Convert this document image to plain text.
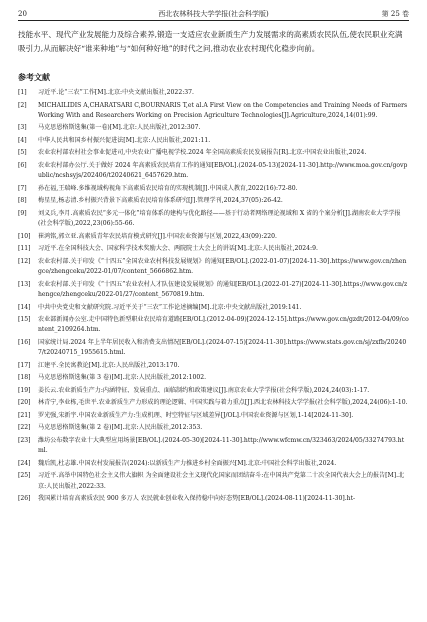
20	西北农林科技大学学报(社会科学版)	第 25 卷

技能水平、现代产业发展能力及综合素养,锻造一支适应农业新质生产力发展需求的高素质农民队伍,使农民职业充满吸引力,从而解决好“谁来种地”与“如何种好地”的时代之问,推动农业农村现代化稳步向前。

参考文献
[1]	习近平.论“三农”工作[M].北京:中央文献出版社,2022:37.
[2]	MICHAILIDIS A,CHARATSARI C,BOURNARIS T,et al.A First View on the Competencies and Training Needs of Farmers Working With and Researchers Working on Precision Agriculture Technologies[J].Agriculture,2024,14(01):99.
[3]	马克思恩格斯选集(第一卷)[M].北京:人民出版社,2012:307.
[4]	中华人民共和国乡村振兴促进法[M].北京:人民出版社,2021:11.
[5]	农业农村部农村社会事业促进司,中央农业广播电视学校.2024 年全国高素质农民发展报告[R].北京:中国农业出版社,2024.
[6]	农业农村部办公厅.关于做好 2024 年高素质农民培育工作的通知[EB/OL].(2024-05-13)[2024-11-30].http://www.moa.gov.cn/govpublic/ncshsyjs/202406/t20240621_6457629.htm.
[7]	孙在福,王瑞峰.多维视域构视角下高素质农民培育的实现机制[J].中国成人教育,2022(16):72-80.
[8]	梅星星,杨志清.乡村振兴背景下高素质农民培育体系研究[J].管理学刊,2024,37(05):26-42.
[9]	刘义兵,李月.高素质农民“多元一体化”培育体系的建构与优化路径——基于行动者网络理论视域和 X 省的个案分析[J].湖南农业大学学报(社会科学版),2022,23(06):55-66.
[10]	崔鸿铭,郭立亚.高素质青年农民培育模式研究[J].中国农业资源与区划,2022,43(09):220.
[11]	习近平.在全国科技大会、国家科学技术奖励大会、两院院士大会上的讲话[M].北京:人民出版社,2024:9.
[12]	农业农村部.关于印发《“十四五”全国农业农村科技发展规划》的通知[EB/OL].(2022-01-07)[2024-11-30].https://www.gov.cn/zhengce/zhengceku/2022-01/07/content_5666862.htm.
[13]	农业农村部.关于印发《“十四五”农业农村人才队伍建设发展规划》的通知[EB/OL].(2022-01-27)[2024-11-30].https://www.gov.cn/zhengce/zhengceku/2022-01/27/content_5670819.htm.
[14]	中共中央党史和文献研究院.习近平关于“三农”工作论述摘编[M].北京:中央文献出版社,2019:141.
[15]	农业部新闻办公室.走中国特色新型职业农民培育道路[EB/OL].(2012-04-09)[2024-12-15].https://www.gov.cn/gzdt/2012-04/09/content_2109264.htm.
[16]	国家统计局.2024 年上半年居民收入和消费支出情况[EB/OL].(2024-07-15)[2024-11-30].https://www.stats.gov.cn/sj/zxfb/202407/t20240715_1955615.html.
[17]	江建平.全民寓教论[M].北京:人民出版社,2013:170.
[18]	马克思恩格斯选集(第 3 卷)[M].北京:人民出版社,2012:1002.
[19]	姜长云.农业新质生产力:内涵特征、发展重点、面临制约和政策建议[J].南京农业大学学报(社会科学版),2024,24(03):1-17.
[20]	林青宁,李业栋,毛世平.农业新质生产力形成的理论逻辑、中国实践与着力重点[J].西北农林科技大学学报(社会科学版),2024,24(06):1-10.
[21]	罗光强,宋新宇.中国农业新质生产力:生成机理、时空特征与区域差异[J/OL].中国农业资源与区划,1-14[2024-11-30].
[22]	马克思恩格斯选集(第 2 卷)[M].北京:人民出版社,2012:353.
[23]	潍坊公布数字农业十大典型应用场景[EB/OL].(2024-05-30)[2024-11-30].http://www.wfcmw.cn/323463/2024/05/33274793.html.
[24]	魏后凯,杜志雄.中国农村发展报告(2024):以新质生产力推进乡村全面振兴[M].北京:中国社会科学出版社,2024.
[25]	习近平.高举中国特色社会主义伟大旗帜 为全面建设社会主义现代化国家而团结奋斗:在中国共产党第二十次全国代表大会上的报告[M].北京:人民出版社,2022:33.
[26]	我国累计培育高素质农民 900 多万人 农民就业创业收入保持稳中向好态势[EB/OL].(2024-08-11)[2024-11-30].ht-
